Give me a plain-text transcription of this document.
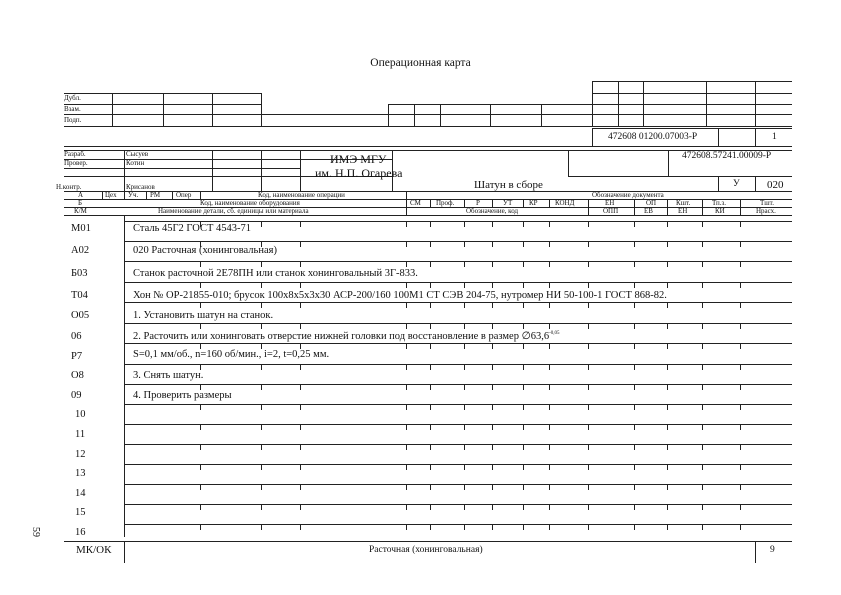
Операционная карта
59
Дубл.
Взам.
Подп.
472608 01200.07003-Р	1
Разраб.	Сысуев
Провер.	Котин
Н.контр.	Крисанов
ИМЭ МГУ
им. Н.П. Огарева
472608.57241.00009-Р
Шатун в сборе	У 020
А	Цех Уч. РМ Опер	Код, наименование операции	Обозначение документа
Б	Код, наименование оборудования	СМ Проф.	Р	УТ КР КОНД	ЕН	ОП	Кшт.	Тп.з.	Тшт.
К/М	Наименование детали, сб. единицы или материала	Обозначение, код	ОПП	ЕВ	ЕН	КИ	Нрасх.
М01	Сталь 45Г2 ГОСТ 4543-71
А02	020 Расточная (хонинговальная)
Б03	Станок расточной 2Е78ПН или станок хонинговальный 3Г-833.
Т04	Хон № ОР-21855-010; брусок 100х8х5х3х30 АСР-200/160 100М1 СТ СЭВ 204-75, нутромер НИ 50-100-1 ГОСТ 868-82.
О05	1. Установить шатун на станок.
06	2. Расточить или хонинговать отверстие нижней головки под восстановление в размер $\emptyset 63,6^{-0,05}$
Р7	S=0,1 мм/об., n=160 об/мин., i=2, t=0,25 мм.
О8	3. Снять шатун.
09	4. Проверить размеры
10
11
12
13
14
15
16
МК/ОК	Расточная (хонинговальная)	9
